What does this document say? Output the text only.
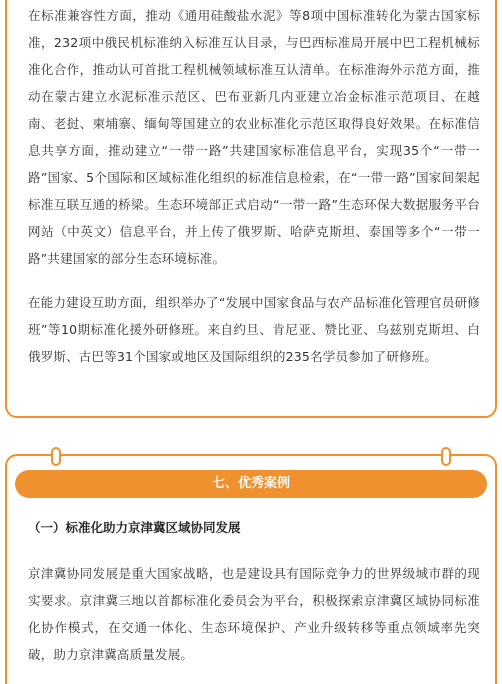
在标准兼容性方面，推动《通用硅酸盐水泥》等8项中国标准转化为蒙古国家标准，232项中俄民机标准纳入标准互认目录，与巴西标准局开展中巴工程机械标准化合作，推动认可首批工程机械领域标准互认清单。在标准海外示范方面，推动在蒙古建立水泥标准示范区、巴布亚新几内亚建立冶金标准示范项目、在越南、老挝、柬埔寨、缅甸等国建立的农业标准化示范区取得良好效果。在标准信息共享方面，推动建立“一带一路”共建国家标准信息平台，实现35个“一带一路”国家、5个国际和区域标准化组织的标准信息检索，在“一带一路”国家间架起标准互联互通的桥梁。生态环境部正式启动“一带一路”生态环保大数据服务平台网站（中英文）信息平台，并上传了俄罗斯、哈萨克斯坦、泰国等多个“一带一路”共建国家的部分生态环境标准。

在能力建设互助方面，组织举办了“发展中国家食品与农产品标准化管理官员研修班”等10期标准化援外研修班。来自约旦、肯尼亚、赞比亚、乌兹别克斯坦、白俄罗斯、古巴等31个国家或地区及国际组织的235名学员参加了研修班。

七、优秀案例
（一）标准化助力京津冀区域协同发展

京津冀协同发展是重大国家战略，也是建设具有国际竞争力的世界级城市群的现实要求。京津冀三地以首都标准化委员会为平台，积极探索京津冀区域协同标准化协作模式，在交通一体化、生态环境保护、产业升级转移等重点领域率先突破，助力京津冀高质量发展。
